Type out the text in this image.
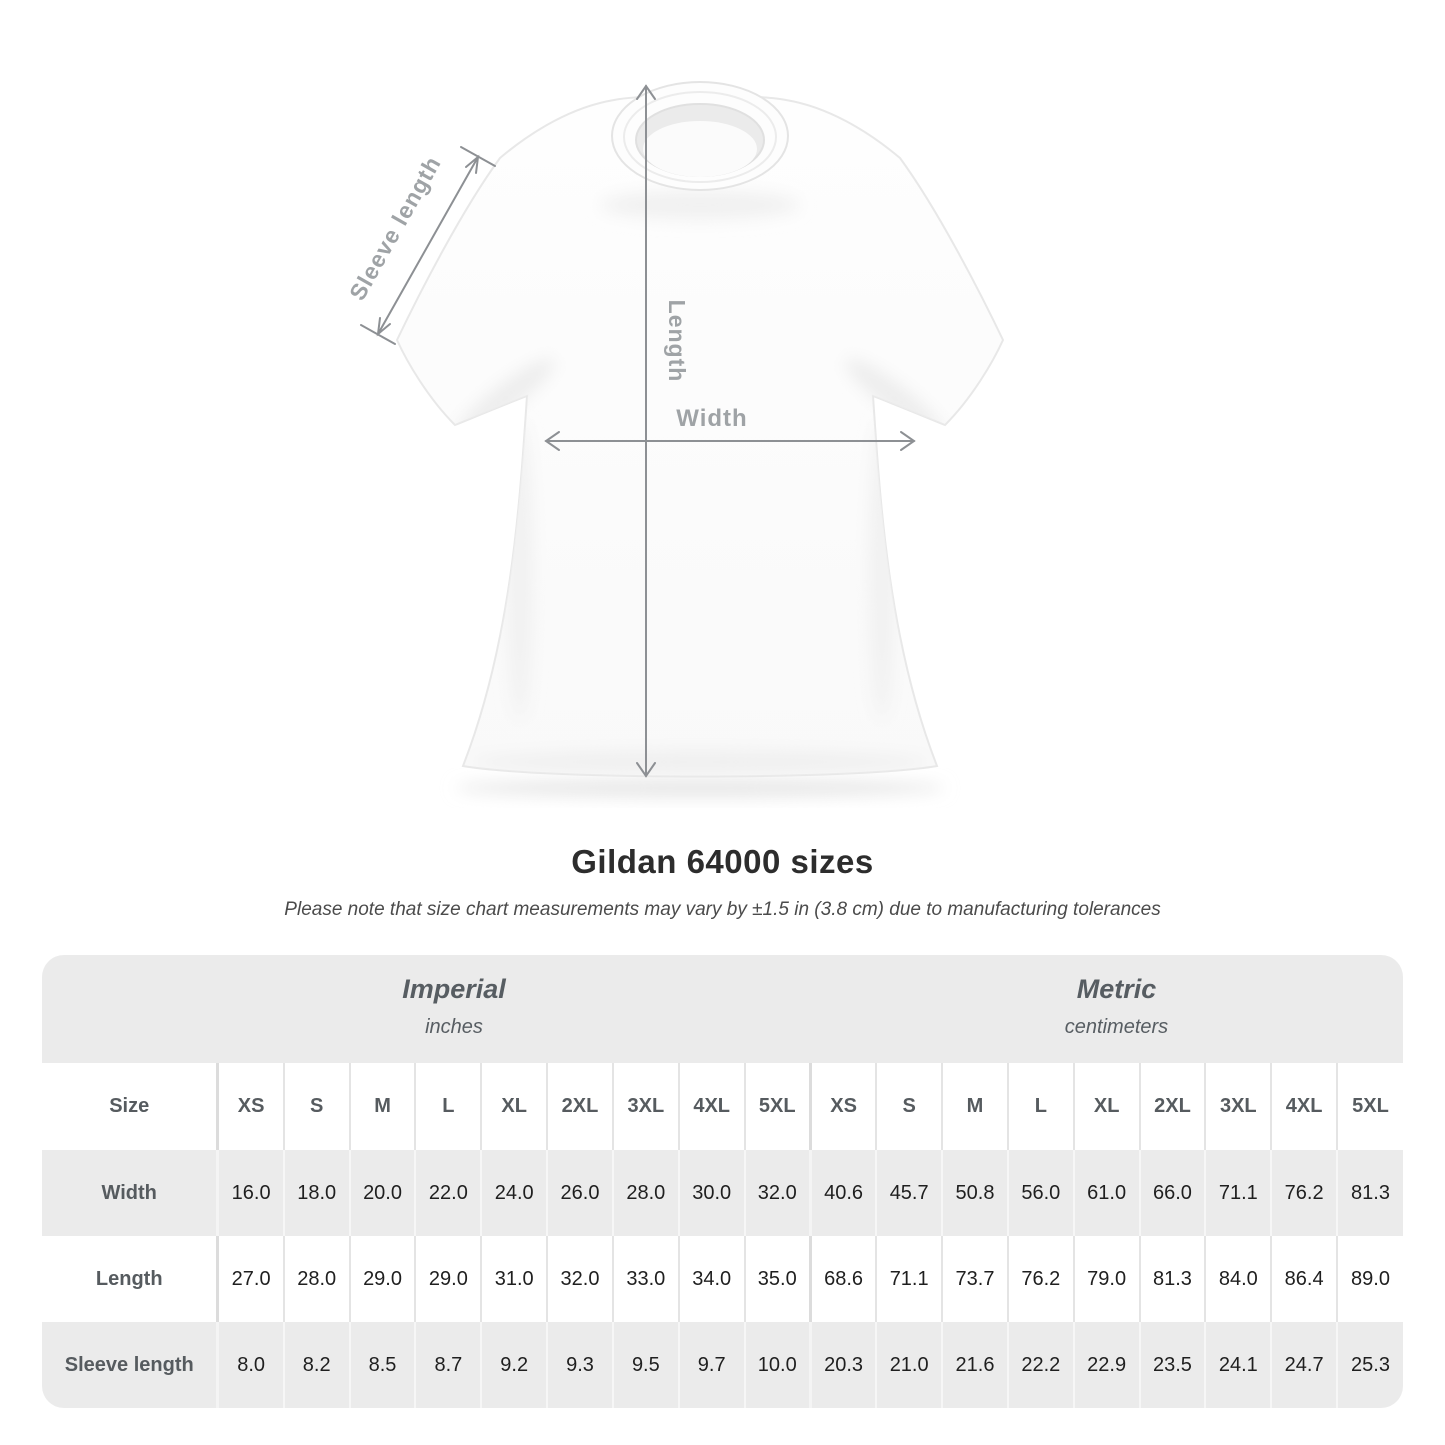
Sleeve length
Length
Width
Gildan 64000 sizes
Please note that size chart measurements may vary by ±1.5 in (3.8 cm) due to manufacturing tolerances
Imperial
inches
Metric
centimeters
Size	XS	S	M	L	XL	2XL	3XL	4XL	5XL	XS	S	M	L	XL	2XL	3XL	4XL	5XL
Width	16.0	18.0	20.0	22.0	24.0	26.0	28.0	30.0	32.0	40.6	45.7	50.8	56.0	61.0	66.0	71.1	76.2	81.3
Length	27.0	28.0	29.0	29.0	31.0	32.0	33.0	34.0	35.0	68.6	71.1	73.7	76.2	79.0	81.3	84.0	86.4	89.0
Sleeve length	8.0	8.2	8.5	8.7	9.2	9.3	9.5	9.7	10.0	20.3	21.0	21.6	22.2	22.9	23.5	24.1	24.7	25.3
